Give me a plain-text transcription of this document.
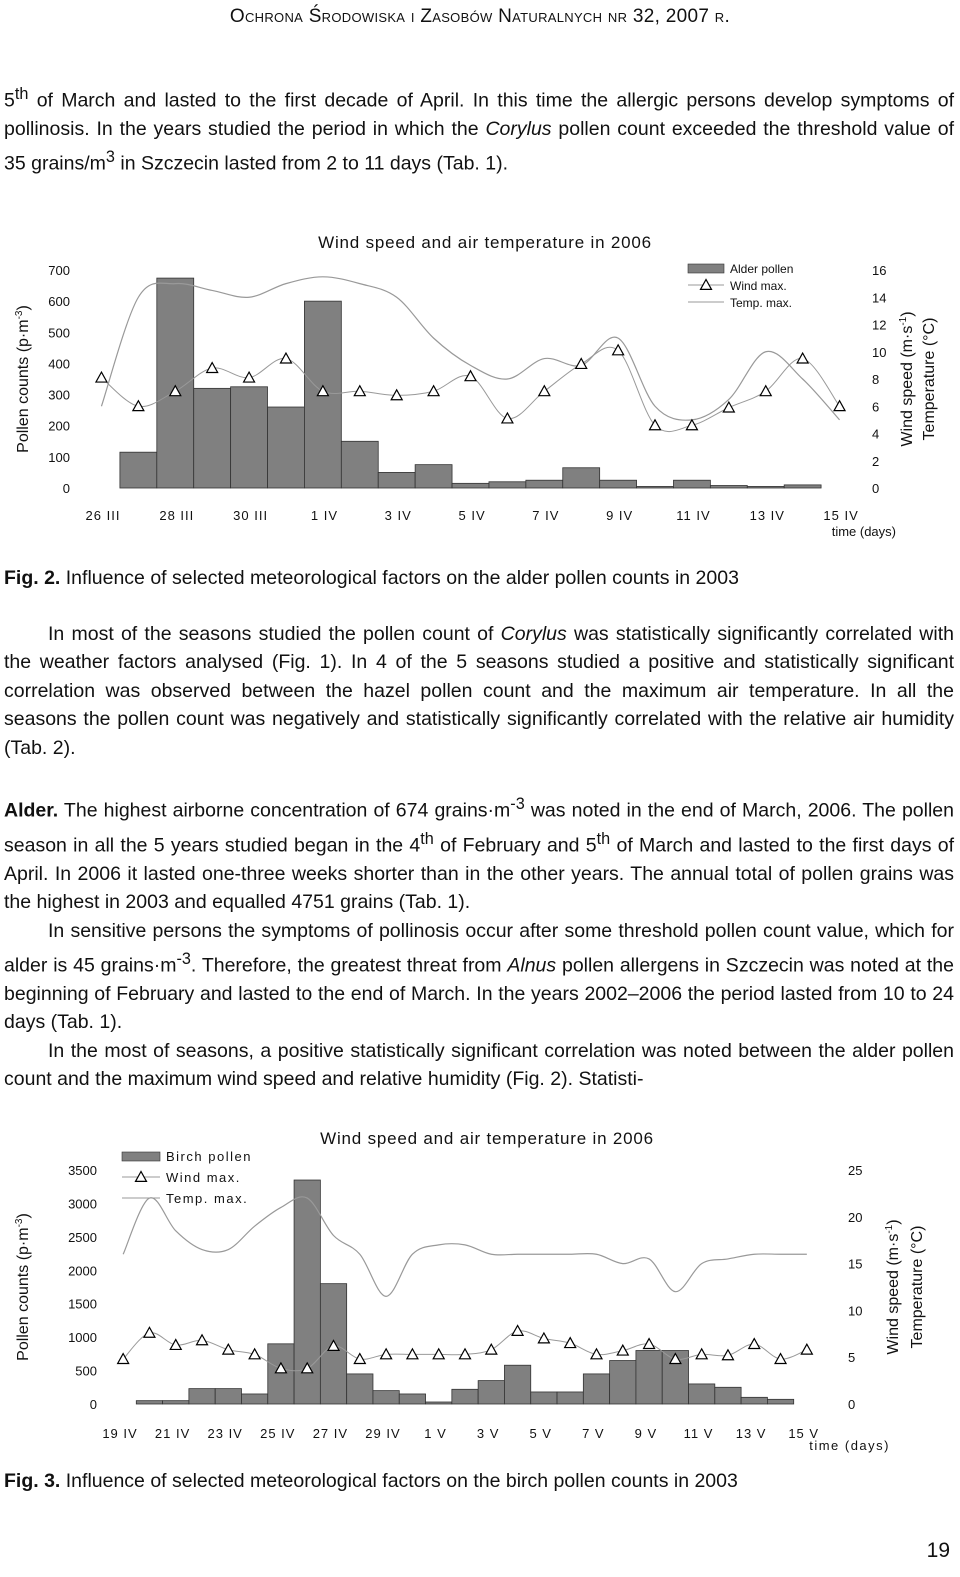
Ochrona Środowiska i Zasobów Naturalnych nr 32, 2007 r.

5th of March and lasted to the first decade of April. In this time the allergic persons develop symptoms of pollinosis. In the years studied the period in which the Corylus pollen count exceeded the threshold value of 35 grains/$m^3$ in Szczecin lasted from 2 to 11 days (Tab. 1).

Wind speed and air temperature in 2006
0
100
200
300
400
500
600
700
0
2
4
6
8
10
12
14
16
26 III	28 III	30 III	1 IV	3 IV	5 IV	7 IV	9 IV	11 IV	13 IV	15 IV
time (days)
Pollen counts $(p\cdot m^{-3})$
Wind speed $(m\cdot s^{-1})$
Temperature (°C)
Alder pollen
Wind max.
Temp. max.
Fig. 2. Influence of selected meteorological factors on the alder pollen counts in 2003

In most of the seasons studied the pollen count of Corylus was statistically significantly correlated with the weather factors analysed (Fig. 1). In 4 of the 5 seasons studied a positive and statistically significant correlation was observed between the hazel pollen count and the maximum air temperature. In all the seasons the pollen count was negatively and statistically significantly correlated with the relative air humidity (Tab. 2).

Alder. The highest airborne concentration of 674 $grains\cdot m^{-3}$ was noted in the end of March, 2006. The pollen season in all the 5 years studied began in the 4th of February and 5th of March and lasted to the first days of April. In 2006 it lasted one-three weeks shorter than in the other years. The annual total of pollen grains was the highest in 2003 and equalled 4751 grains (Tab. 1).

In sensitive persons the symptoms of pollinosis occur after some threshold pollen count value, which for alder is 45 $grains\cdot m^{-3}$. Therefore, the greatest threat from Alnus pollen allergens in Szczecin was noted at the beginning of February and lasted to the end of March. In the years 2002–2006 the period lasted from 10 to 24 days (Tab. 1).

In the most of seasons, a positive statistically significant correlation was noted between the alder pollen count and the maximum wind speed and relative humidity (Fig. 2). Statisti-

Wind speed and air temperature in 2006
0
500
1000
1500
2000
2500
3000
3500
0
5
10
15
20
25
19 IV 21 IV 23 IV 25 IV 27 IV 29 IV 1 V 3 V 5 V 7 V 9 V 11 V 13 V 15 V
time (days)
Pollen counts $(p\cdot m^{-3})$
Wind speed $(m\cdot s^{-1})$
Temperature (°C)
Birch pollen
Wind max.
Temp. max.
Fig. 3. Influence of selected meteorological factors on the birch pollen counts in 2003
19
